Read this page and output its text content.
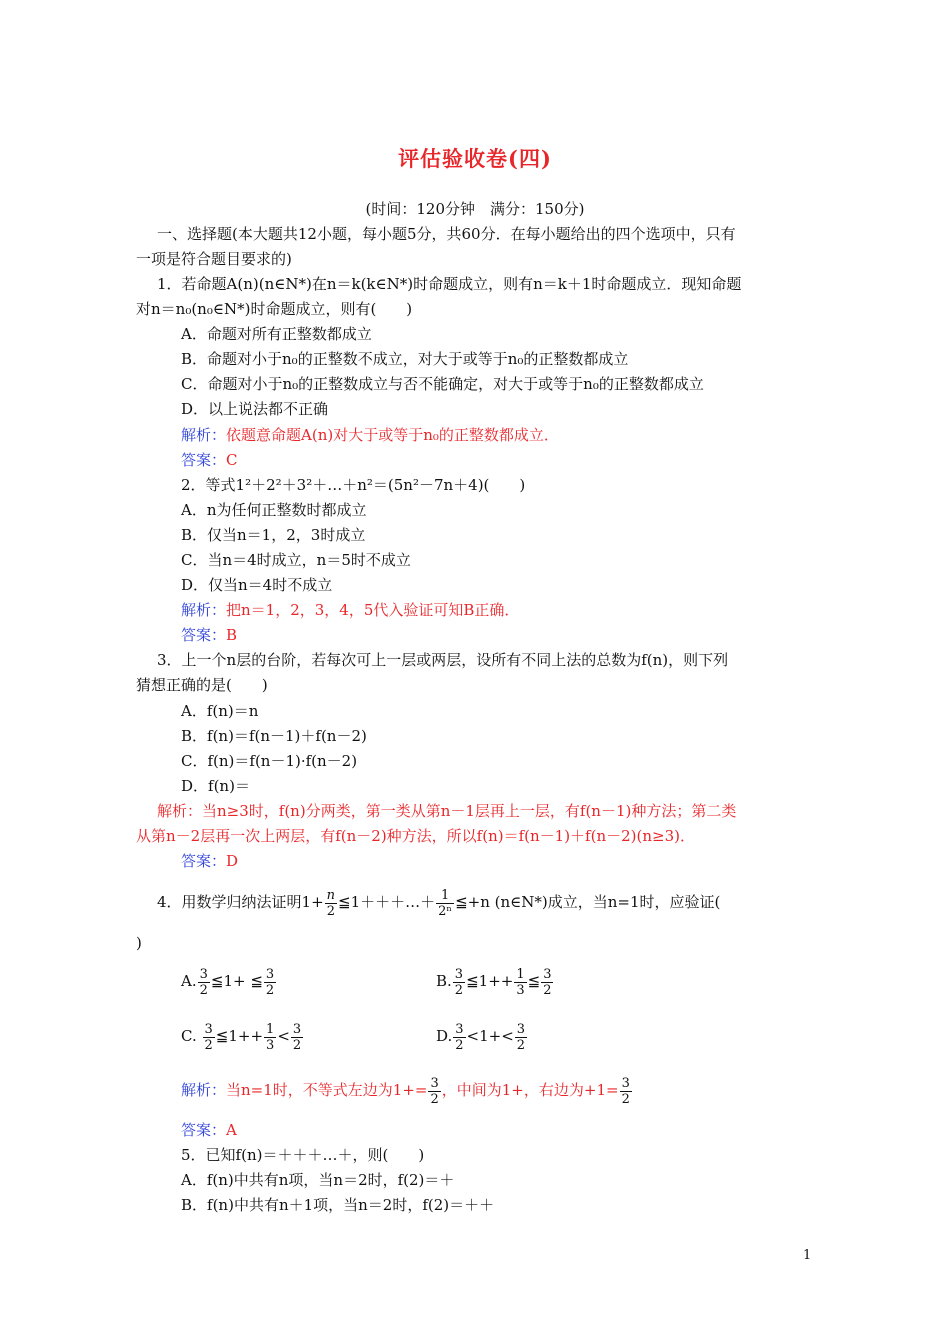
评估验收卷(四)
(时间：120分钟　满分：150分)
一、选择题(本大题共12小题，每小题5分，共60分．在每小题给出的四个选项中，只有
一项是符合题目要求的)
1．若命题A(n)(n∈N*)在n＝k(k∈N*)时命题成立，则有n＝k＋1时命题成立．现知命题
对n＝n₀(n₀∈N*)时命题成立，则有(　　)
A．命题对所有正整数都成立
B．命题对小于n₀的正整数不成立，对大于或等于n₀的正整数都成立
C．命题对小于n₀的正整数成立与否不能确定，对大于或等于n₀的正整数都成立
D．以上说法都不正确
解析：依题意命题A(n)对大于或等于n₀的正整数都成立．
答案：C
2．等式1²＋2²＋3²＋…＋n²＝(5n²－7n＋4)(　　)
A．n为任何正整数时都成立
B．仅当n＝1，2，3时成立
C．当n＝4时成立，n＝5时不成立
D．仅当n＝4时不成立
解析：把n＝1，2，3，4，5代入验证可知B正确．
答案：B
3．上一个n层的台阶，若每次可上一层或两层，设所有不同上法的总数为f(n)，则下列
猜想正确的是(　　)
A．f(n)＝n
B．f(n)＝f(n－1)＋f(n－2)
C．f(n)＝f(n－1)·f(n－2)
D．f(n)＝
解析：当n≥3时，f(n)分两类，第一类从第n－1层再上一层，有f(n－1)种方法；第二类
从第n－2层再一次上两层，有f(n－2)种方法，所以f(n)＝f(n－1)＋f(n－2)(n≥3)．
答案：D
4．用数学归纳法证明$1+ \frac{n}{2}$ ≦1＋＋＋…＋ $\frac{1}{\text{2ⁿ}}$ ≦+n (n∈N*)成立，当n=1时，应验证(
)
A. $\frac{3}{2}$ ≦1+ ≦ $\frac{3}{2}$	B. $\frac{3}{2}$ ≦1++ $\frac{1}{3}$ ≦ $\frac{3}{2}$
C. $\frac{3}{2}$ ≦1++ $\frac{1}{3} < \frac{3}{2}$	D. $\frac{3}{2} <1+< \frac{3}{2}$
解析：当n=1时，不等式左边为$1+= \frac{3}{2}$ ，中间为1+，右边为$+1= \frac{3}{2}$
答案：A
5．已知f(n)＝＋＋＋…＋，则(　　)
A．f(n)中共有n项，当n＝2时，f(2)＝＋
B．f(n)中共有n＋1项，当n＝2时，f(2)＝＋＋
1
